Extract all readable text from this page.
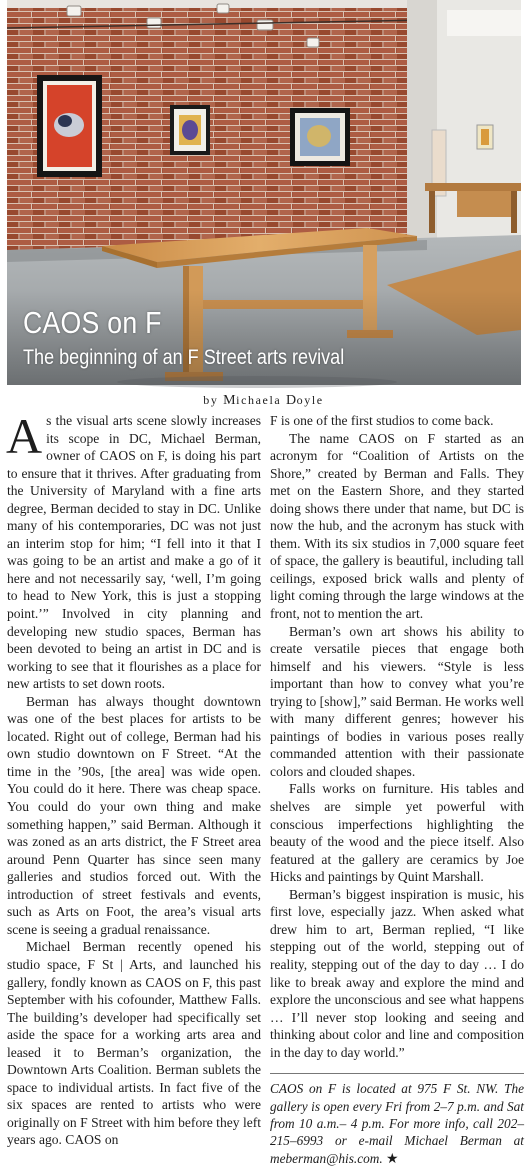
CAOS on F
The beginning of an F Street arts revival
by Michaela Doyle

As the visual arts scene slowly increases its scope in DC, Michael Berman, owner of CAOS on F, is doing his part to ensure that it thrives. After graduating from the University of Maryland with a fine arts degree, Berman decided to stay in DC. Unlike many of his contemporaries, DC was not just an interim stop for him; “I fell into it that I was going to be an artist and make a go of it here and not necessarily say, ‘well, I’m going to head to New York, this is just a stopping point.’” Involved in city planning and developing new studio spaces, Berman has been devoted to being an artist in DC and is working to see that it flourishes as a place for new artists to set down roots.

Berman has always thought downtown was one of the best places for artists to be located. Right out of college, Berman had his own studio downtown on F Street. “At the time in the ’90s, [the area] was wide open. You could do it here. There was cheap space. You could do your own thing and make something happen,” said Berman. Although it was zoned as an arts district, the F Street area around Penn Quarter has since seen many galleries and studios forced out. With the introduction of street festivals and events, such as Arts on Foot, the area’s visual arts scene is seeing a gradual renaissance.

Michael Berman recently opened his studio space, F St | Arts, and launched his gallery, fondly known as CAOS on F, this past September with his cofounder, Matthew Falls. The building’s developer had specifically set aside the space for a working arts area and leased it to Berman’s organization, the Downtown Arts Coalition. Berman sublets the space to individual artists. In fact five of the six spaces are rented to artists who were originally on F Street with him before they left years ago. CAOS on

F is one of the first studios to come back.

The name CAOS on F started as an acronym for “Coalition of Artists on the Shore,” created by Berman and Falls. They met on the Eastern Shore, and they started doing shows there under that name, but DC is now the hub, and the acronym has stuck with them. With its six studios in 7,000 square feet of space, the gallery is beautiful, including tall ceilings, exposed brick walls and plenty of light coming through the large windows at the front, not to mention the art.

Berman’s own art shows his ability to create versatile pieces that engage both himself and his viewers. “Style is less important than how to convey what you’re trying to [show],” said Berman. He works well with many different genres; however his paintings of bodies in various poses really commanded attention with their passionate colors and clouded shapes.

Falls works on furniture. His tables and shelves are simple yet powerful with conscious imperfections highlighting the beauty of the wood and the piece itself. Also featured at the gallery are ceramics by Joe Hicks and paintings by Quint Marshall.

Berman’s biggest inspiration is music, his first love, especially jazz. When asked what drew him to art, Berman replied, “I like stepping out of the world, stepping out of reality, stepping out of the day to day … I do like to break away and explore the mind and explore the unconscious and see what happens … I’ll never stop looking and seeing and thinking about color and line and composition in the day to day world.”

CAOS on F is located at 975 F St. NW. The gallery is open every Fri from 2–7 p.m. and Sat from 10 a.m.– 4 p.m. For more info, call 202–215–6993 or e-mail Michael Berman at meberman@his.com. ★
